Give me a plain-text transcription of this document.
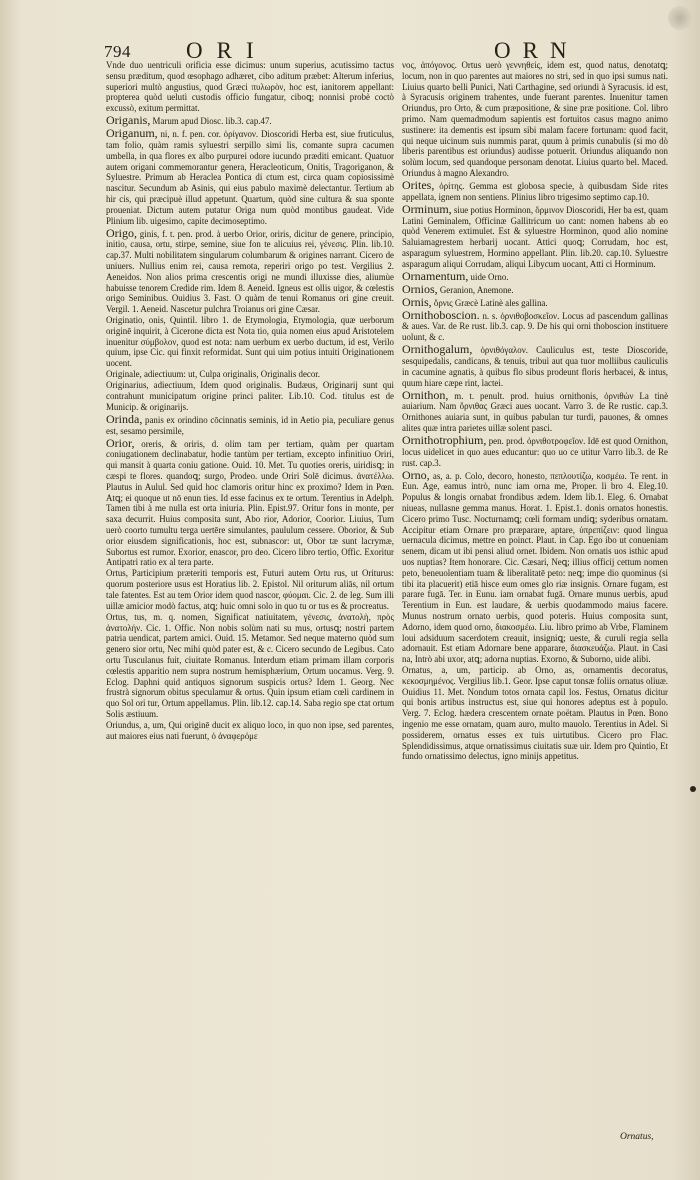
794 ORI	ORN

Vnde duo uentriculi orificia esse dicimus: unum superius, acutissimo tactus sensu præditum, quod œsophago adhæret, cibo aditum præbet: Alterum inferius, superiori multò angustius, quod Græci πυλωρὸν, hoc est, ianitorem appellant: propterea quòd uelutì custodis officio fungatur, ciboꝗ; nonnisi probè coctò excussò, exitum permittat.

Origanis, Marum apud Diosc. lib.3. cap.47.

Origanum, ni, n. f. pen. cor. ὀρίγανον. Dioscoridi Herba est, siue fruticulus, tam folio, quàm ramis syluestri serpillo simi lis, comante supra cacumen umbella, in qua flores ex albo purpurei odore iucundo præditi emicant. Quatuor autem origani commemorantur genera, Heracleoticum, Onitis, Tragoriganon, & Syluestre. Primum ab Heraclea Pontica di ctum est, circa quam copiosissimè nascitur. Secundum ab Asinis, qui eius pabulo maximè delectantur. Tertium ab hir cis, qui præcipuè illud appetunt. Quartum, quòd sine cultura & sua sponte proueniat. Dictum autem putatur Origa num quòd montibus gaudeat. Vide Plinium lib. uigesimo, capite decimoseptimo.

Origo, ginis, f. t. pen. prod. à uerbo Orior, oriris, dicitur de genere, principio, initio, causa, ortu, stirpe, semine, siue fon te alicuius rei, γένεσις. Plin. lib.10. cap.37. Multi nobilitatem singularum columbarum & origines narrant. Cicero de uniuers. Nullius enim rei, causa remota, reperiri origo po test. Vergilius 2. Aeneidos. Non alios prima crescentis origi ne mundi illuxisse dies, aliumùe habuisse tenorem Credide rim. Idem 8. Aeneid. Igneus est ollis uigor, & cœlestis origo Seminibus. Ouidius 3. Fast. O quàm de tenui Romanus ori gine creuit. Vergil. 1. Aeneid. Nascetur pulchra Troianus ori gine Cæsar.

Originatio, onis, Quintil. libro 1. de Etymologia, Etymologia, quæ uerborum originē inquirit, à Cicerone dicta est Nota tio, quia nomen eius apud Aristotelem inuenitur σύμβολον, quod est nota: nam uerbum ex uerbo ductum, id est, Verilo quium, ipse Cic. qui finxit reformidat. Sunt qui uim potius intuiti Originationem uocent.

Originale, adiectiuum: ut, Culpa originalis, Originalis decor.

Originarius, adiectiuum, Idem quod originalis. Budæus, Originarij sunt qui contrahunt municipatum origine princi paliter. Lib.10. Cod. titulus est de Municip. & originarijs.

Orinda, panis ex orindino cōcinnatis seminis, id in Aetio pia, peculiare genus est, sesamo persimile,

Orior, oreris, & oriris, d. olim tam per tertiam, quàm per quartam coniugationem declinabatur, hodie tantùm per tertiam, excepto infinitiuo Oriri, qui mansit à quarta coniu gatione. Ouid. 10. Met. Tu quoties oreris, uiridisꝗ; in cæspi te flores. quandoꝗ; surgo, Prodeo. unde Oriri Solē dicimus. ἀνατέλλω. Plautus in Aulul. Sed quid hoc clamoris oritur hinc ex proximo? Idem in Pœn. Atꝗ; ei quoque ut nō enun ties. Id esse facinus ex te ortum. Terentius in Adelph. Tamen tibi à me nulla est orta iniuria. Plin. Epist.97. Oritur fons in monte, per saxa decurrit. Huius composita sunt, Abo rior, Adorior, Coorior. Liuius, Tum uerò coorto tumultu terga uertēre simulantes, paululum cessere. Oborior, & Sub orior eiusdem significationis, hoc est, subnascor: ut, Obor tæ sunt lacrymæ, Subortus est rumor. Exorior, enascor, pro deo. Cicero libro tertio, Offic. Exoritur Antipatri ratio ex al tera parte.

Ortus, Participium præteriti temporis est, Futuri autem Ortu rus, ut Oriturus: quorum posteriore usus est Horatius lib. 2. Epistol. Nil oriturum aliās, nil ortum tale fatentes. Est au tem Orior idem quod nascor, φύομαι. Cic. 2. de leg. Sum illi uillæ amicior modò factus, atꝗ; huic omni solo in quo tu or tus es & procreatus.

Ortus, tus, m. q. nomen, Significat natiuitatem, γένεσις, ἀνατολὴ, πρὸς ἀνατολήν. Cic. 1. Offic. Non nobis solùm nati su mus, ortusꝗ; nostri partem patria uendicat, partem amici. Ouid. 15. Metamor. Sed neque materno quòd sum genero sior ortu, Nec mihi quòd pater est, & c. Cicero secundo de Legibus. Cato ortu Tusculanus fuit, ciuitate Romanus. Interdum etiam primam illam corporis cœlestis apparitio nem supra nostrum hemisphærium, Ortum uocamus. Verg. 9. Eclog. Daphni quid antiquos signorum suspicis ortus? Idem 1. Georg. Nec frustrà signorum obitus speculamur & ortus. Quin ipsum etiam cœli cardinem in quo Sol ori tur, Ortum appellamus. Plin. lib.12. cap.14. Saba regio spe ctat ortum Solis æstiuum.

Oriundus, a, um, Qui originē ducit ex aliquo loco, in quo non ipse, sed parentes, aut maiores eius nati fuerunt, ὁ ἀναφερόμε

νος, ἀπόγονος. Ortus uerò γεννηθείς, idem est, quod natus, denotatꝗ; locum, non in quo parentes aut maiores no stri, sed in quo ipsi sumus nati. Liuius quarto belli Punici, Nati Carthagine, sed oriundi à Syracusis. id est, à Syracusis originem trahentes, unde fuerant parentes. Inuenitur tamen Oriundus, pro Orto, & cum præpositione, & sine præ positione. Col. libro primo. Nam quemadmodum sapientis est fortuitos casus magno animo sustinere: ita dementis est ipsum sibi malam facere fortunam: quod facit, qui neque uicinum suis nummis parat, quum à primis cunabulis (si mo dò liberis parentibus est oriundus) audisse potuerit. Oriundus aliquando non solùm locum, sed quandoque personam denotat. Liuius quarto bel. Maced. Oriundus à magno Alexandro.

Orites, ὀρίτης. Gemma est globosa specie, à quibusdam Side rites appellata, ignem non sentiens. Plinius libro trigesimo septimo cap.10.

Orminum, siue potius Horminon, ὅρμινον Dioscoridi, Her ba est, quam Latini Geminalem, Officinæ Gallitricum uo cant: nomen habens ab eo quòd Venerem extimulet. Est & syluestre Horminon, quod alio nomine Saluiamagrestem herbarij uocant. Attici quoꝗ; Corrudam, hoc est, asparagum syluestrem, Hormino appellant. Plin. lib.20. cap.10. Syluestre asparagum aliqui Corrudam, aliqui Libycum uocant, Atti ci Horminum.

Ornamentum, uide Orno.

Ornios, Geranion, Anemone.

Ornis, ὄρνις Græcè Latinè ales gallina.

Ornithoboscion. n. s. ὀρνιθοβοσκεῖον. Locus ad pascendum gallinas & aues. Var. de Re rust. lib.3. cap. 9. De his qui orni thoboscion instituere uolunt, & c.

Ornithogalum, ὀρνιθόγαλον. Cauliculus est, teste Dioscoride, sesquipedalis, candicans, & tenuis, tribuì aut qua tuor molliibus cauliculis in cacumine agnatis, à quibus flo sibus prodeunt floris herbacei, & intus, quum hiare cæpe rint, lactei.

Ornithon, m. t. penult. prod. huius ornithonis, ὀρνιθὼν La tinè auiarium. Nam ὄρνιθας Græci aues uocant. Varro 3. de Re rustic. cap.3. Ornithones auiaria sunt, in quibus pabulan tur turdi, pauones, & omnes alites quæ intra parietes uillæ solent pasci.

Ornithotrophium, pen. prod. ὀρνιθοτροφεῖον. Idē est quod Ornithon, locus uidelicet in quo aues educantur: quo uo ce utitur Varro lib.3. de Re rust. cap.3.

Orno, as, a. p. Colo, decoro, honesto, πεπλουτίζω, κοσμέω. Te rent. in Eun. Age, eamus intrò, nunc iam orna me, Proper. li bro 4. Eleg.10. Populus & longis ornabat frondibus ædem. Idem lib.1. Eleg. 6. Ornabat niueas, nullasne gemma manus. Horat. 1. Epist.1. donis ornatos honestis. Cicero primo Tusc. Nocturnamꝗ; cœli formam undiꝗ; syderibus ornatam. Accipitur etiam Ornare pro præparare, aptare, ὑπρεπίζειν: quod lingua uernacula dicimus, mettre en poinct. Plaut. in Cap. Ego ibo ut conueniam senem, dicam ut ibi pensi aliud ornet. Ibidem. Non ornatis uos isthic apud uos nuptias? Item honorare. Cic. Cæsari, Neꝗ; illius officij cettum nomen peto, beneuolentiam tuam & liberalitatē peto: neꝗ; impe dio quominus (si tibi ita placuerit) etiā hisce eum omes glo riæ insignis. Ornare fugam, est parare fugā. Ter. in Eunu. iam ornabat fugā. Ornare munus uerbis, apud Terentium in Eun. est laudare, & uerbis quodammodo maius facere. Munus nostrum ornato uerbis, quod poteris. Huius composita sunt, Adorno, idem quod orno, διακοσμέω. Liu. libro primo ab Vrbe, Flaminem loui adsiduum sacerdotem creauit, insigniꝗ; ueste, & curuli regia sella adornauit. Est etiam Adornare bene apparare, διασκευάζω. Plaut. in Casi na, Intrò abi uxor, atꝗ; adorna nuptias. Exorno, & Suborno, uide alibi.

Ornatus, a, um, particip. ab Orno, as, ornamentis decoratus, κεκοσμημένος. Vergilius lib.1. Geor. Ipse caput tonsæ foliis ornatus oliuæ. Ouidius 11. Met. Nondum totos ornata capil los. Festus, Ornatus dicitur qui bonis artibus instructus est, siue qui honores adeptus est à populo. Verg. 7. Eclog. hædera crescentem ornate poëtam. Plautus in Pœn. Bono ingenio me esse ornatam, quam auro, multo mauolo. Terentius in Adel. Si possiderem, ornatus esses ex tuis uirtutibus. Cicero pro Flac. Splendidissimus, atque ornatissimus ciuitatis suæ uir. Idem pro Quintio, Et fundo ornatissimo delectus, igno minijs appetitus.

Ornatus,
